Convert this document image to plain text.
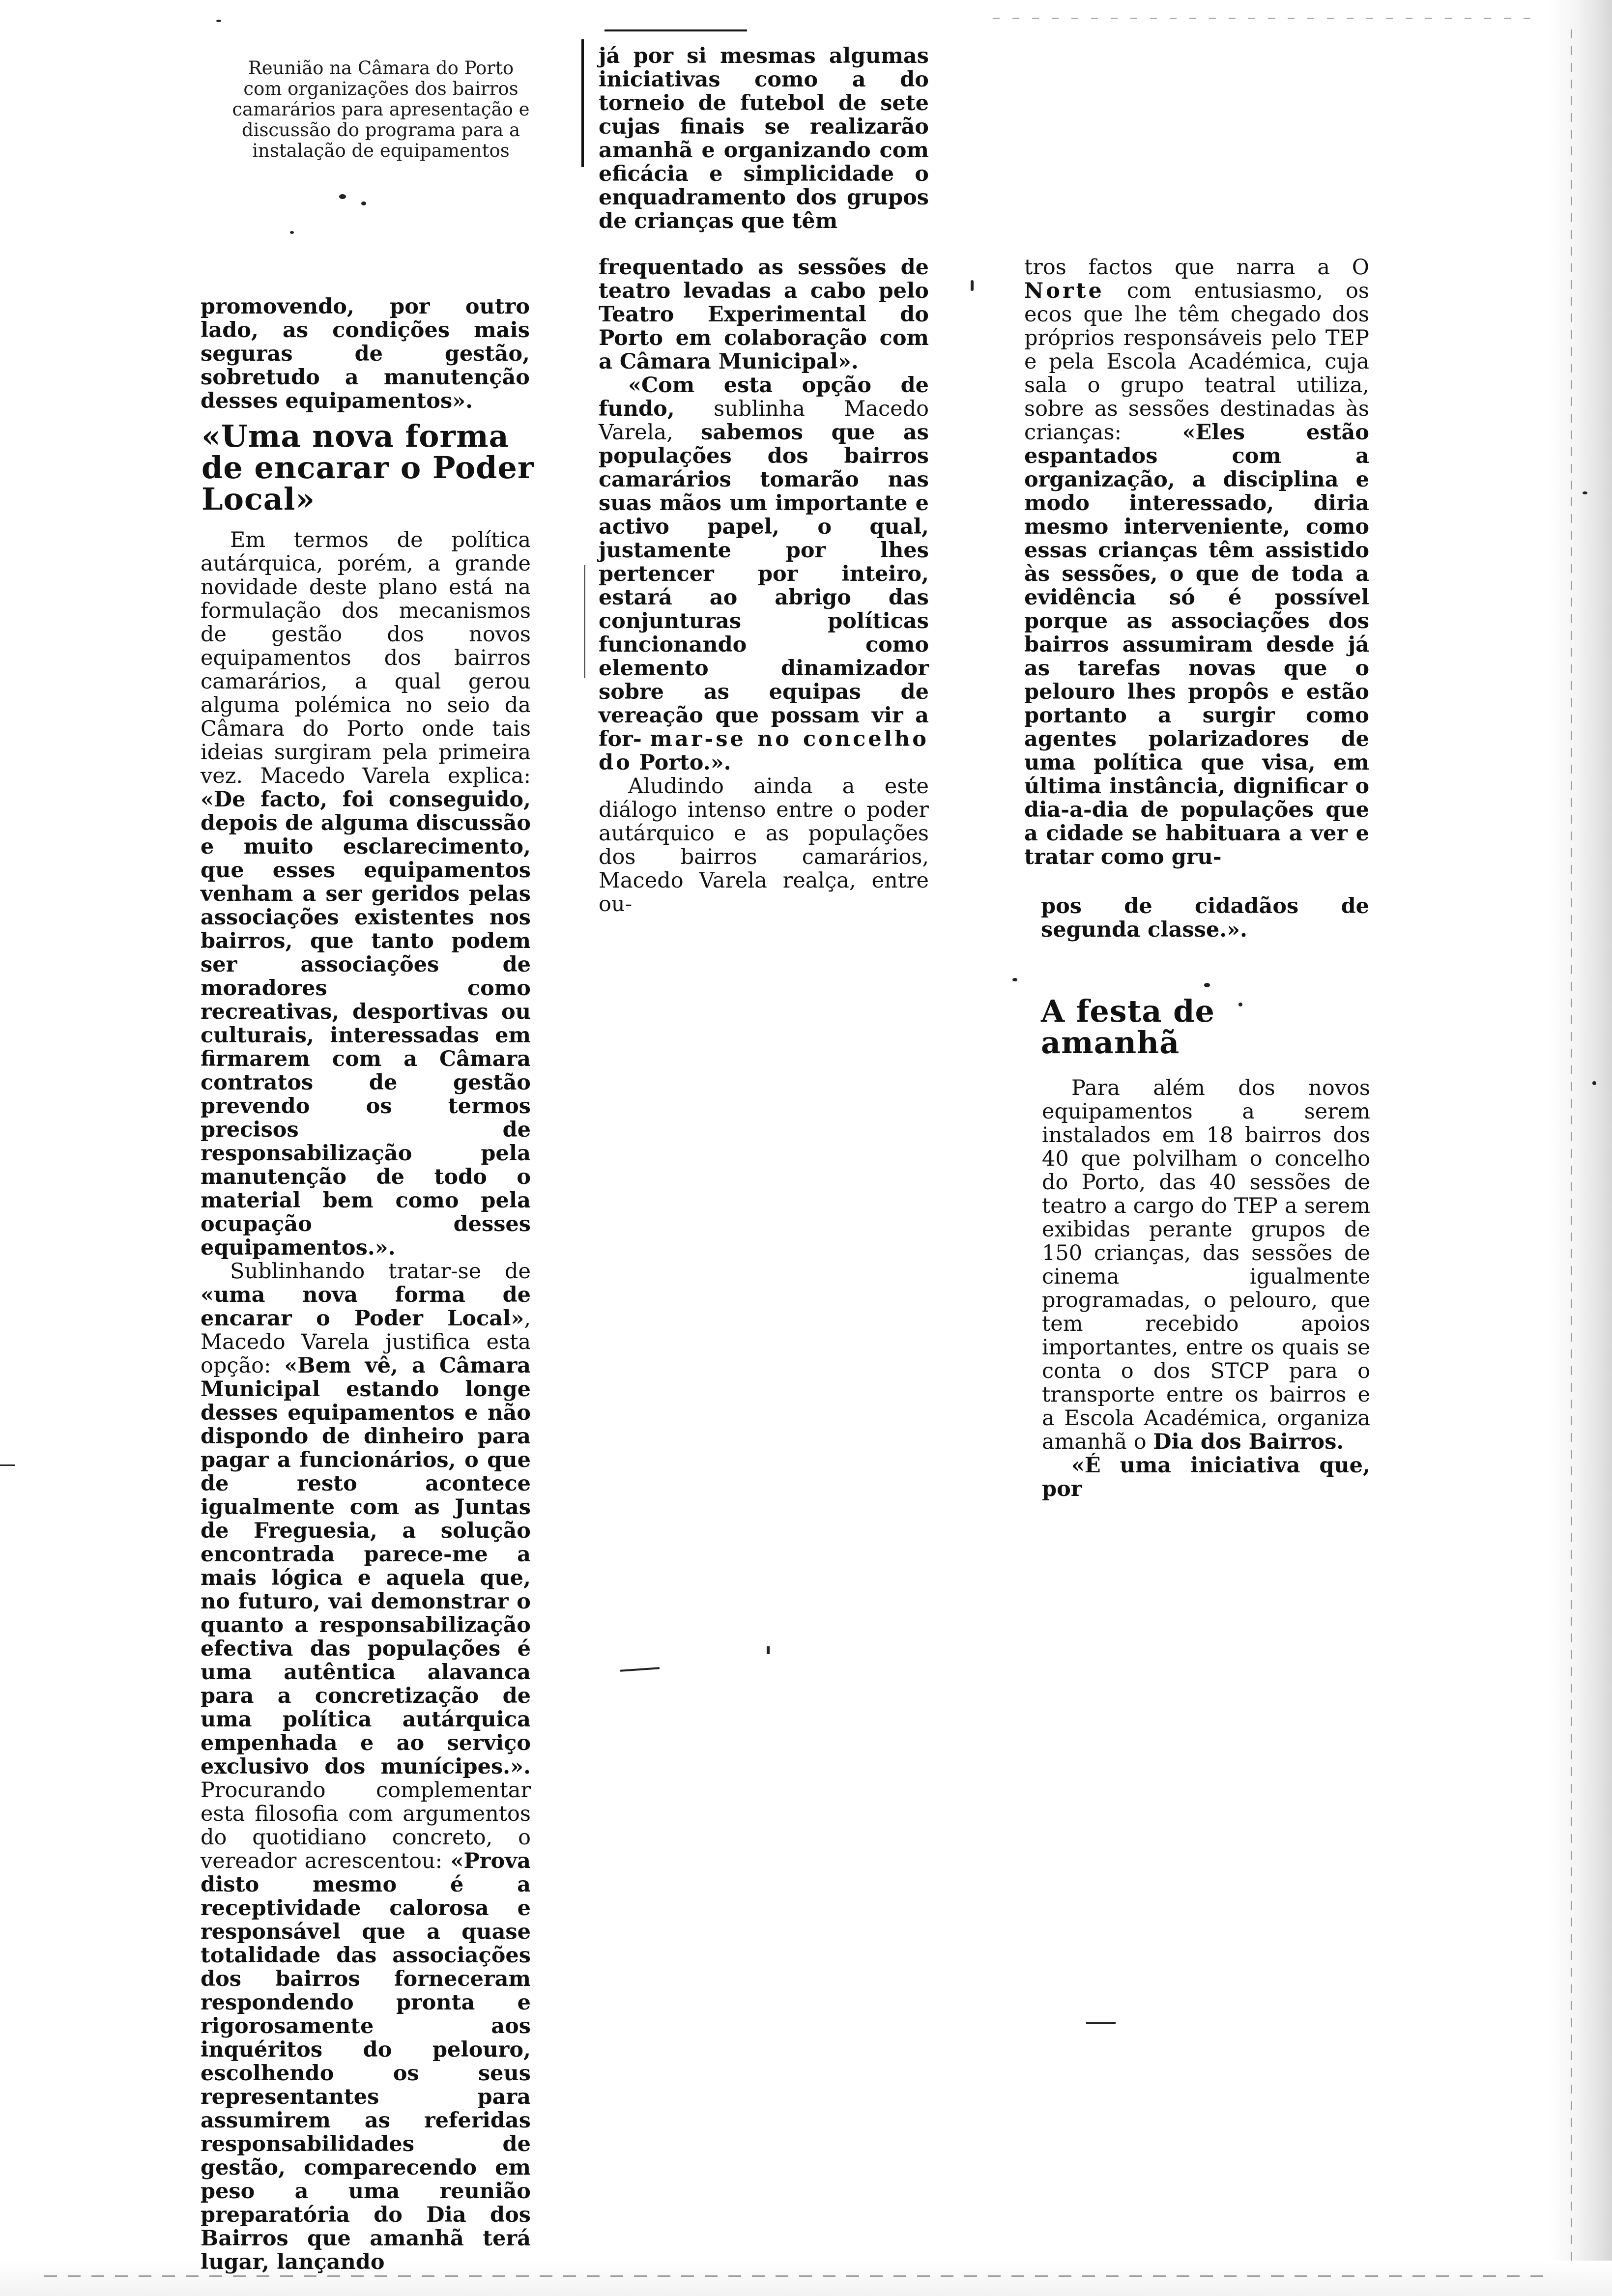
Reunião na Câmara do Porto com organizações dos bairros camarários para apresentação e discussão do programa para a instalação de equipamentos

promovendo, por outro lado, as condições mais seguras de gestão, sobretudo a manutenção desses equipamentos».

«Uma nova forma de encarar o Poder Local»

Em termos de política autárquica, porém, a grande novidade deste plano está na formulação dos mecanismos de gestão dos novos equipamentos dos bairros camarários, a qual gerou alguma polémica no seio da Câmara do Porto onde tais ideias surgiram pela primeira vez. Macedo Varela explica: «De facto, foi conseguido, depois de alguma discussão e muito esclarecimento, que esses equipamentos venham a ser geridos pelas associações existentes nos bairros, que tanto podem ser associações de moradores como recreativas, desportivas ou culturais, interessadas em firmarem com a Câmara contratos de gestão prevendo os termos precisos de responsabilização pela manutenção de todo o material bem como pela ocupação desses equipamentos.».

Sublinhando tratar-se de «uma nova forma de encarar o Poder Local», Macedo Varela justifica esta opção: «Bem vê, a Câmara Municipal estando longe desses equipamentos e não dispondo de dinheiro para pagar a funcionários, o que de resto acontece igualmente com as Juntas de Freguesia, a solução encontrada parece-me a mais lógica e aquela que, no futuro, vai demonstrar o quanto a responsabilização efectiva das populações é uma autêntica alavanca para a concretização de uma política autárquica empenhada e ao serviço exclusivo dos munícipes.». Procurando complementar esta filosofia com argumentos do quotidiano concreto, o vereador acrescentou: «Prova disto mesmo é a receptividade calorosa e responsável que a quase totalidade das associações dos bairros forneceram respondendo pronta e rigorosamente aos inquéritos do pelouro, escolhendo os seus representantes para assumirem as referidas responsabilidades de gestão, comparecendo em peso a uma reunião preparatória do Dia dos Bairros que amanhã terá lugar, lançando

já por si mesmas algumas iniciativas como a do torneio de futebol de sete cujas finais se realizarão amanhã e organizando com eficácia e simplicidade o enquadramento dos grupos de crianças que têm

frequentado as sessões de teatro levadas a cabo pelo Teatro Experimental do Porto em colaboração com a Câmara Municipal».

«Com esta opção de fundo, sublinha Macedo Varela, sabemos que as populações dos bairros camarários tomarão nas suas mãos um importante e activo papel, o qual, justamente por lhes pertencer por inteiro, estará ao abrigo das conjunturas políticas funcionando como elemento dinamizador sobre as equipas de vereação que possam vir a for- mar-se no concelho do Porto.».

Aludindo ainda a este diálogo intenso entre o poder autárquico e as populações dos bairros camarários, Macedo Varela realça, entre ou-

tros factos que narra a O Norte com entusiasmo, os ecos que lhe têm chegado dos próprios responsáveis pelo TEP e pela Escola Académica, cuja sala o grupo teatral utiliza, sobre as sessões destinadas às crianças: «Eles estão espantados com a organização, a disciplina e modo interessado, diria mesmo interveniente, como essas crianças têm assistido às sessões, o que de toda a evidência só é possível porque as associações dos bairros assumiram desde já as tarefas novas que o pelouro lhes propôs e estão portanto a surgir como agentes polarizadores de uma política que visa, em última instância, dignificar o dia-a-dia de populações que a cidade se habituara a ver e tratar como gru-

pos de cidadãos de segunda classe.».

A festa de amanhã

Para além dos novos equipamentos a serem instalados em 18 bairros dos 40 que polvilham o concelho do Porto, das 40 sessões de teatro a cargo do TEP a serem exibidas perante grupos de 150 crianças, das sessões de cinema igualmente programadas, o pelouro, que tem recebido apoios importantes, entre os quais se conta o dos STCP para o transporte entre os bairros e a Escola Académica, organiza amanhã o Dia dos Bairros.

«É uma iniciativa que, por
